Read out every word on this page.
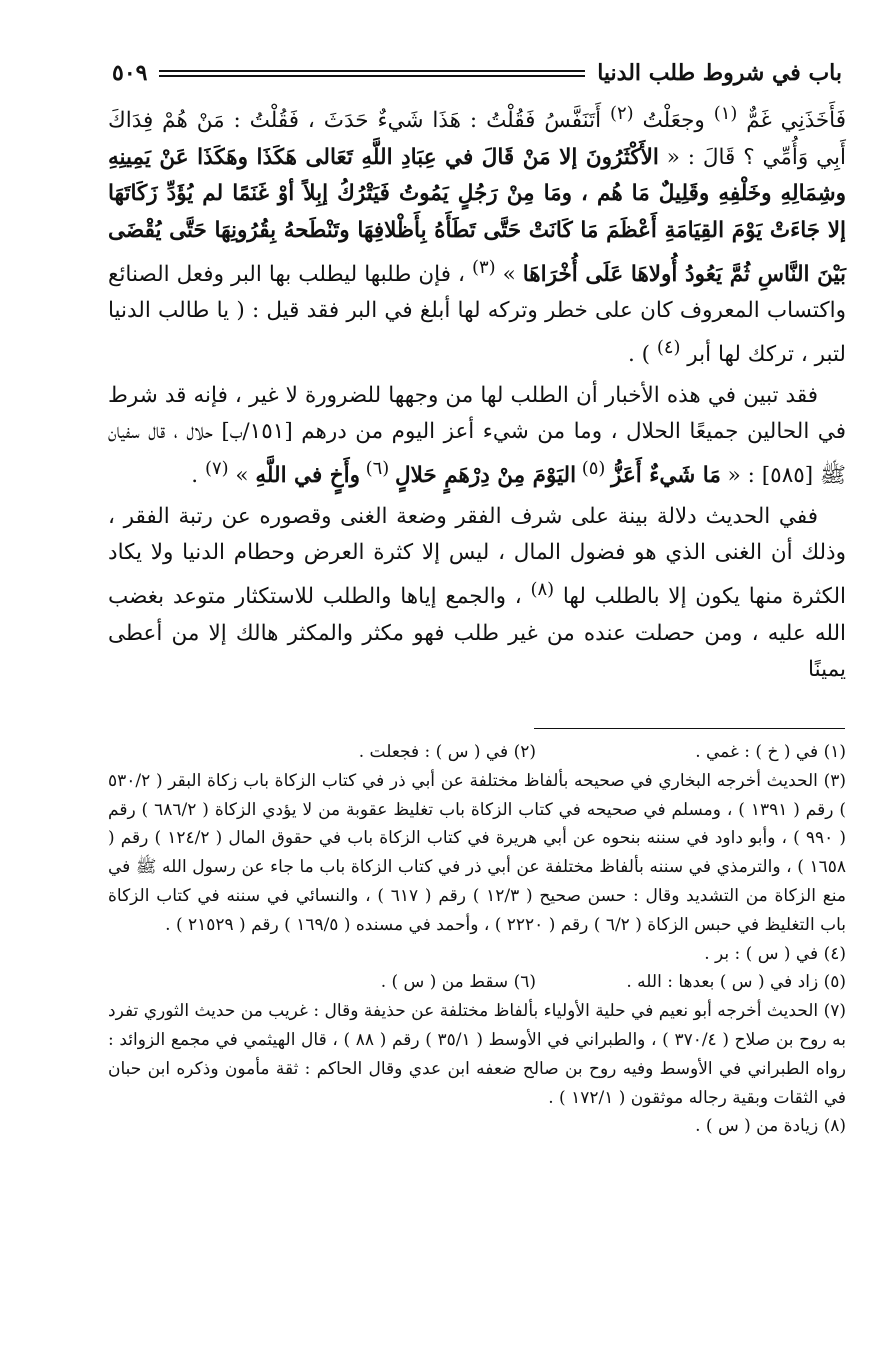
باب في شروط طلب الدنيا
٥٠٩

فَأَخَذَنِي غَمٌّ $^{(١)}$ وجعَلْتُ $^{(٢)}$ أَتَنَفَّسُ فَقُلْتُ : هَذَا شَيءٌ حَدَثَ ، فَقُلْتُ : مَنْ هُمْ فِدَاكَ أَبِي وَأُمِّي ؟ قَالَ : « الأَكْثَرُونَ إلا مَنْ قَالَ في عِبَادِ اللَّهِ تَعَالى هَكَذَا وهَكَذَا عَنْ يَمِينِهِ وشِمَالِهِ وخَلْفِهِ وقَلِيلٌ مَا هُم ، ومَا مِنْ رَجُلٍ يَمُوتُ فَيَتْرُكُ إبِلاً أوْ غَنَمًا لم يُؤَدِّ زَكَاتَهَا إلا جَاءَتْ يَوْمَ القِيَامَةِ أَعْظَمَ مَا كَانَتْ حَتَّى تَطَأَهُ بِأَظْلافِهَا وتَنْطَحهُ بِقُرُونِهَا حَتَّى يُقْضَى بَيْنَ النَّاسِ ثُمَّ يَعُودُ أُولاهَا عَلَى أُخْرَاهَا » $^{(٣)}$ ، فإن طلبها ليطلب بها البر وفعل الصنائع واكتساب المعروف كان على خطر وتركه لها أبلغ في البر فقد قيل : ( يا طالب الدنيا لتبر ، تركك لها أبر $^{(٤)}$ ) .

فقد تبين في هذه الأخبار أن الطلب لها من وجهها للضرورة لا غير ، فإنه قد شرط في الحالين جميعًا الحلال ، وما من شيء أعز اليوم من درهم [١٥١/ب] حلال ، قال سفيان ﷺ [٥٨٥] : « مَا شَيءٌ أَعَزُّ $^{(٥)}$ اليَوْمَ مِنْ دِرْهَمٍ حَلالٍ $^{(٦)}$ وأَخٍ في اللَّهِ » $^{(٧)}$ .

ففي الحديث دلالة بينة على شرف الفقر وضعة الغنى وقصوره عن رتبة الفقر ، وذلك أن الغنى الذي هو فضول المال ، ليس إلا كثرة العرض وحطام الدنيا ولا يكاد الكثرة منها يكون إلا بالطلب لها $^{(٨)}$ ، والجمع إياها والطلب للاستكثار متوعد بغضب الله عليه ، ومن حصلت عنده من غير طلب فهو مكثر والمكثر هالك إلا من أعطى يمينًا

(١) في ( خ ) : غمي .
(٢) في ( س ) : فجعلت .

(٣) الحديث أخرجه البخاري في صحيحه بألفاظ مختلفة عن أبي ذر في كتاب الزكاة باب زكاة البقر ( ٥٣٠/٢ ) رقم ( ١٣٩١ ) ، ومسلم في صحيحه في كتاب الزكاة باب تغليظ عقوبة من لا يؤدي الزكاة ( ٦٨٦/٢ ) رقم ( ٩٩٠ ) ، وأبو داود في سننه بنحوه عن أبي هريرة في كتاب الزكاة باب في حقوق المال ( ١٢٤/٢ ) رقم ( ١٦٥٨ ) ، والترمذي في سننه بألفاظ مختلفة عن أبي ذر في كتاب الزكاة باب ما جاء عن رسول الله ﷺ في منع الزكاة من التشديد وقال : حسن صحيح ( ١٢/٣ ) رقم ( ٦١٧ ) ، والنسائي في سننه في كتاب الزكاة باب التغليظ في حبس الزكاة ( ٦/٢ ) رقم ( ٢٢٢٠ ) ، وأحمد في مسنده ( ١٦٩/٥ ) رقم ( ٢١٥٢٩ ) .

(٤) في ( س ) : بر .

(٥) زاد في ( س ) بعدها : الله .
(٦) سقط من ( س ) .

(٧) الحديث أخرجه أبو نعيم في حلية الأولياء بألفاظ مختلفة عن حذيفة وقال : غريب من حديث الثوري تفرد به روح بن صلاح ( ٣٧٠/٤ ) ، والطبراني في الأوسط ( ٣٥/١ ) رقم ( ٨٨ ) ، قال الهيثمي في مجمع الزوائد : رواه الطبراني في الأوسط وفيه روح بن صالح ضعفه ابن عدي وقال الحاكم : ثقة مأمون وذكره ابن حبان في الثقات وبقية رجاله موثقون ( ١٧٢/١ ) .

(٨) زيادة من ( س ) .
